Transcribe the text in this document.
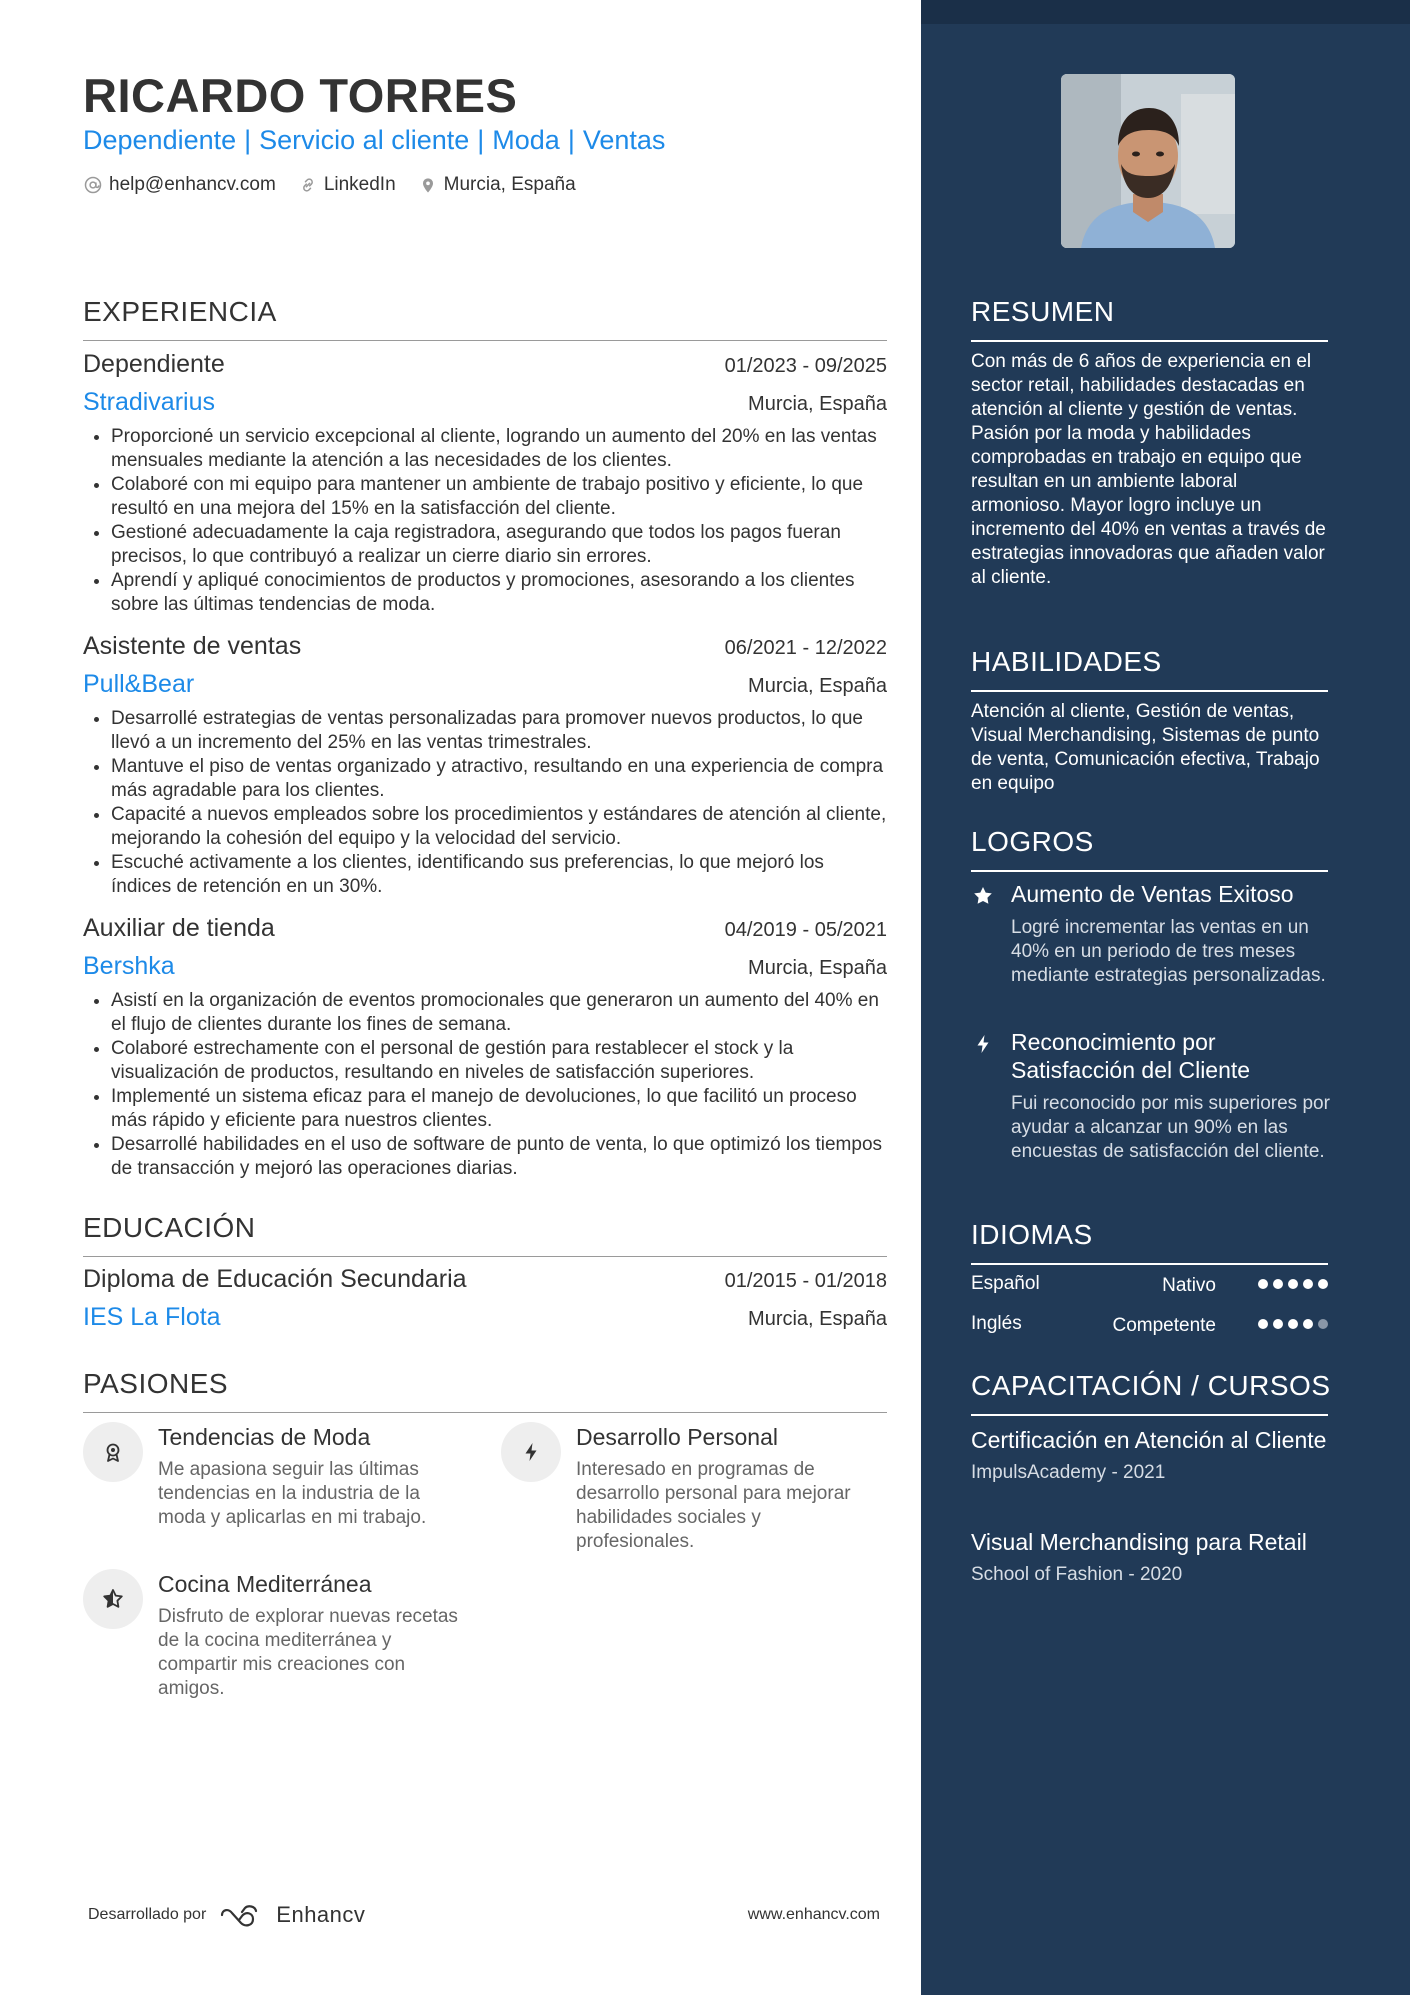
RICARDO TORRES
Dependiente | Servicio al cliente | Moda | Ventas
help@enhancv.com	LinkedIn	Murcia, España
EXPERIENCIA
Dependiente	01/2023 - 09/2025
Stradivarius	Murcia, España
• Proporcioné un servicio excepcional al cliente, logrando un aumento del 20% en las ventas mensuales mediante la atención a las necesidades de los clientes.
• Colaboré con mi equipo para mantener un ambiente de trabajo positivo y eficiente, lo que resultó en una mejora del 15% en la satisfacción del cliente.
• Gestioné adecuadamente la caja registradora, asegurando que todos los pagos fueran precisos, lo que contribuyó a realizar un cierre diario sin errores.
• Aprendí y apliqué conocimientos de productos y promociones, asesorando a los clientes sobre las últimas tendencias de moda.
Asistente de ventas	06/2021 - 12/2022
Pull&Bear	Murcia, España
• Desarrollé estrategias de ventas personalizadas para promover nuevos productos, lo que llevó a un incremento del 25% en las ventas trimestrales.
• Mantuve el piso de ventas organizado y atractivo, resultando en una experiencia de compra más agradable para los clientes.
• Capacité a nuevos empleados sobre los procedimientos y estándares de atención al cliente, mejorando la cohesión del equipo y la velocidad del servicio.
• Escuché activamente a los clientes, identificando sus preferencias, lo que mejoró los índices de retención en un 30%.
Auxiliar de tienda	04/2019 - 05/2021
Bershka	Murcia, España
• Asistí en la organización de eventos promocionales que generaron un aumento del 40% en el flujo de clientes durante los fines de semana.
• Colaboré estrechamente con el personal de gestión para restablecer el stock y la visualización de productos, resultando en niveles de satisfacción superiores.
• Implementé un sistema eficaz para el manejo de devoluciones, lo que facilitó un proceso más rápido y eficiente para nuestros clientes.
• Desarrollé habilidades en el uso de software de punto de venta, lo que optimizó los tiempos de transacción y mejoró las operaciones diarias.
EDUCACIÓN
Diploma de Educación Secundaria	01/2015 - 01/2018
IES La Flota	Murcia, España
PASIONES
Tendencias de Moda
Me apasiona seguir las últimas tendencias en la industria de la moda y aplicarlas en mi trabajo.
Desarrollo Personal
Interesado en programas de desarrollo personal para mejorar habilidades sociales y profesionales.
Cocina Mediterránea
Disfruto de explorar nuevas recetas de la cocina mediterránea y compartir mis creaciones con amigos.
Desarrollado por	Enhancv	www.enhancv.com
RESUMEN
Con más de 6 años de experiencia en el sector retail, habilidades destacadas en atención al cliente y gestión de ventas. Pasión por la moda y habilidades comprobadas en trabajo en equipo que resultan en un ambiente laboral armonioso. Mayor logro incluye un incremento del 40% en ventas a través de estrategias innovadoras que añaden valor al cliente.
HABILIDADES
Atención al cliente, Gestión de ventas, Visual Merchandising, Sistemas de punto de venta, Comunicación efectiva, Trabajo en equipo
LOGROS
Aumento de Ventas Exitoso
Logré incrementar las ventas en un 40% en un periodo de tres meses mediante estrategias personalizadas.
Reconocimiento por Satisfacción del Cliente
Fui reconocido por mis superiores por ayudar a alcanzar un 90% en las encuestas de satisfacción del cliente.
IDIOMAS
Español	Nativo
Inglés	Competente
CAPACITACIÓN / CURSOS
Certificación en Atención al Cliente
ImpulsAcademy - 2021
Visual Merchandising para Retail
School of Fashion - 2020
